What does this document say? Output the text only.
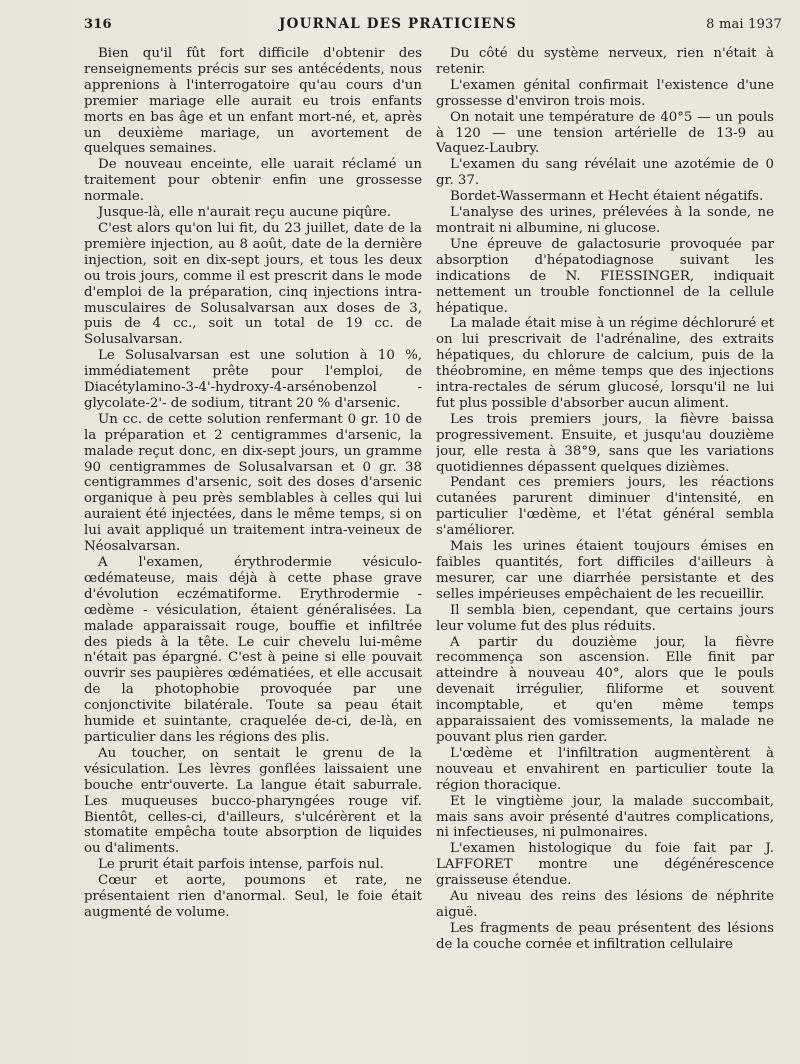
316	JOURNAL DES PRATICIENS	8 mai 1937

Bien qu'il fût fort difficile d'obtenir des renseignements précis sur ses antécédents, nous apprenions à l'interrogatoire qu'au cours d'un premier mariage elle aurait eu trois enfants morts en bas âge et un enfant mort-né, et, après un deuxième mariage, un avortement de quelques semaines.

De nouveau enceinte, elle uarait réclamé un traitement pour obtenir enfin une grossesse normale.

Jusque-là, elle n'aurait reçu aucune piqûre.

C'est alors qu'on lui fit, du 23 juillet, date de la première injection, au 8 août, date de la dernière injection, soit en dix-sept jours, et tous les deux ou trois jours, comme il est prescrit dans le mode d'emploi de la préparation, cinq injections intra-musculaires de Solusalvarsan aux doses de 3, puis de 4 cc., soit un total de 19 cc. de Solusalvarsan.

Le Solusalvarsan est une solution à 10 %, immédiatement prête pour l'emploi, de Diacétylamino-3-4'-hydroxy-4-arsénobenzol - glycolate-2'- de sodium, titrant 20 % d'arsenic.

Un cc. de cette solution renfermant 0 gr. 10 de la préparation et 2 centigrammes d'arsenic, la malade reçut donc, en dix-sept jours, un gramme 90 centigrammes de Solusalvarsan et 0 gr. 38 centigrammes d'arsenic, soit des doses d'arsenic organique à peu près semblables à celles qui lui auraient été injectées, dans le même temps, si on lui avait appliqué un traitement intra-veineux de Néosalvarsan.

A l'examen, érythrodermie vésiculo-œdémateuse, mais déjà à cette phase grave d'évolution eczématiforme. Erythrodermie - œdème - vésiculation, étaient généralisées. La malade apparaissait rouge, bouffie et infiltrée des pieds à la tête. Le cuir chevelu lui-même n'était pas épargné. C'est à peine si elle pouvait ouvrir ses paupières œdématiées, et elle accusait de la photophobie provoquée par une conjonctivite bilatérale. Toute sa peau était humide et suintante, craquelée de-ci, de-là, en particulier dans les régions des plis.

Au toucher, on sentait le grenu de la vésiculation. Les lèvres gonflées laissaient une bouche entr'ouverte. La langue était saburrale. Les muqueuses bucco-pharyngées rouge vif. Bientôt, celles-ci, d'ailleurs, s'ulcérèrent et la stomatite empêcha toute absorption de liquides ou d'aliments.

Le prurit était parfois intense, parfois nul.

Cœur et aorte, poumons et rate, ne présentaient rien d'anormal. Seul, le foie était augmenté de volume.

Du côté du système nerveux, rien n'était à retenir.

L'examen génital confirmait l'existence d'une grossesse d'environ trois mois.

On notait une température de 40°5 — un pouls à 120 — une tension artérielle de 13-9 au Vaquez-Laubry.

L'examen du sang révélait une azotémie de 0 gr. 37.

Bordet-Wassermann et Hecht étaient négatifs.

L'analyse des urines, prélevées à la sonde, ne montrait ni albumine, ni glucose.

Une épreuve de galactosurie provoquée par absorption d'hépatodiagnose suivant les indications de N. FIESSINGER, indiquait nettement un trouble fonctionnel de la cellule hépatique.

La malade était mise à un régime déchloruré et on lui prescrivait de l'adrénaline, des extraits hépatiques, du chlorure de calcium, puis de la théobromine, en même temps que des injections intra-rectales de sérum glucosé, lorsqu'il ne lui fut plus possible d'absorber aucun aliment.

Les trois premiers jours, la fièvre baissa progressivement. Ensuite, et jusqu'au douzième jour, elle resta à 38°9, sans que les variations quotidiennes dépassent quelques dizièmes.

Pendant ces premiers jours, les réactions cutanées parurent diminuer d'intensité, en particulier l'œdème, et l'état général sembla s'améliorer.

Mais les urines étaient toujours émises en faibles quantités, fort difficiles d'ailleurs à mesurer, car une diarrhée persistante et des selles impérieuses empêchaient de les recueillir.

Il sembla bien, cependant, que certains jours leur volume fut des plus réduits.

A partir du douzième jour, la fièvre recommença son ascension. Elle finit par atteindre à nouveau 40°, alors que le pouls devenait irrégulier, filiforme et souvent incomptable, et qu'en même temps apparaissaient des vomissements, la malade ne pouvant plus rien garder.

L'œdème et l'infiltration augmentèrent à nouveau et envahirent en particulier toute la région thoracique.

Et le vingtième jour, la malade succombait, mais sans avoir présenté d'autres complications, ni infectieuses, ni pulmonaires.

L'examen histologique du foie fait par J. LAFFORET montre une dégénérescence graisseuse étendue.

Au niveau des reins des lésions de néphrite aiguë.

Les fragments de peau présentent des lésions de la couche cornée et infiltration cellulaire
